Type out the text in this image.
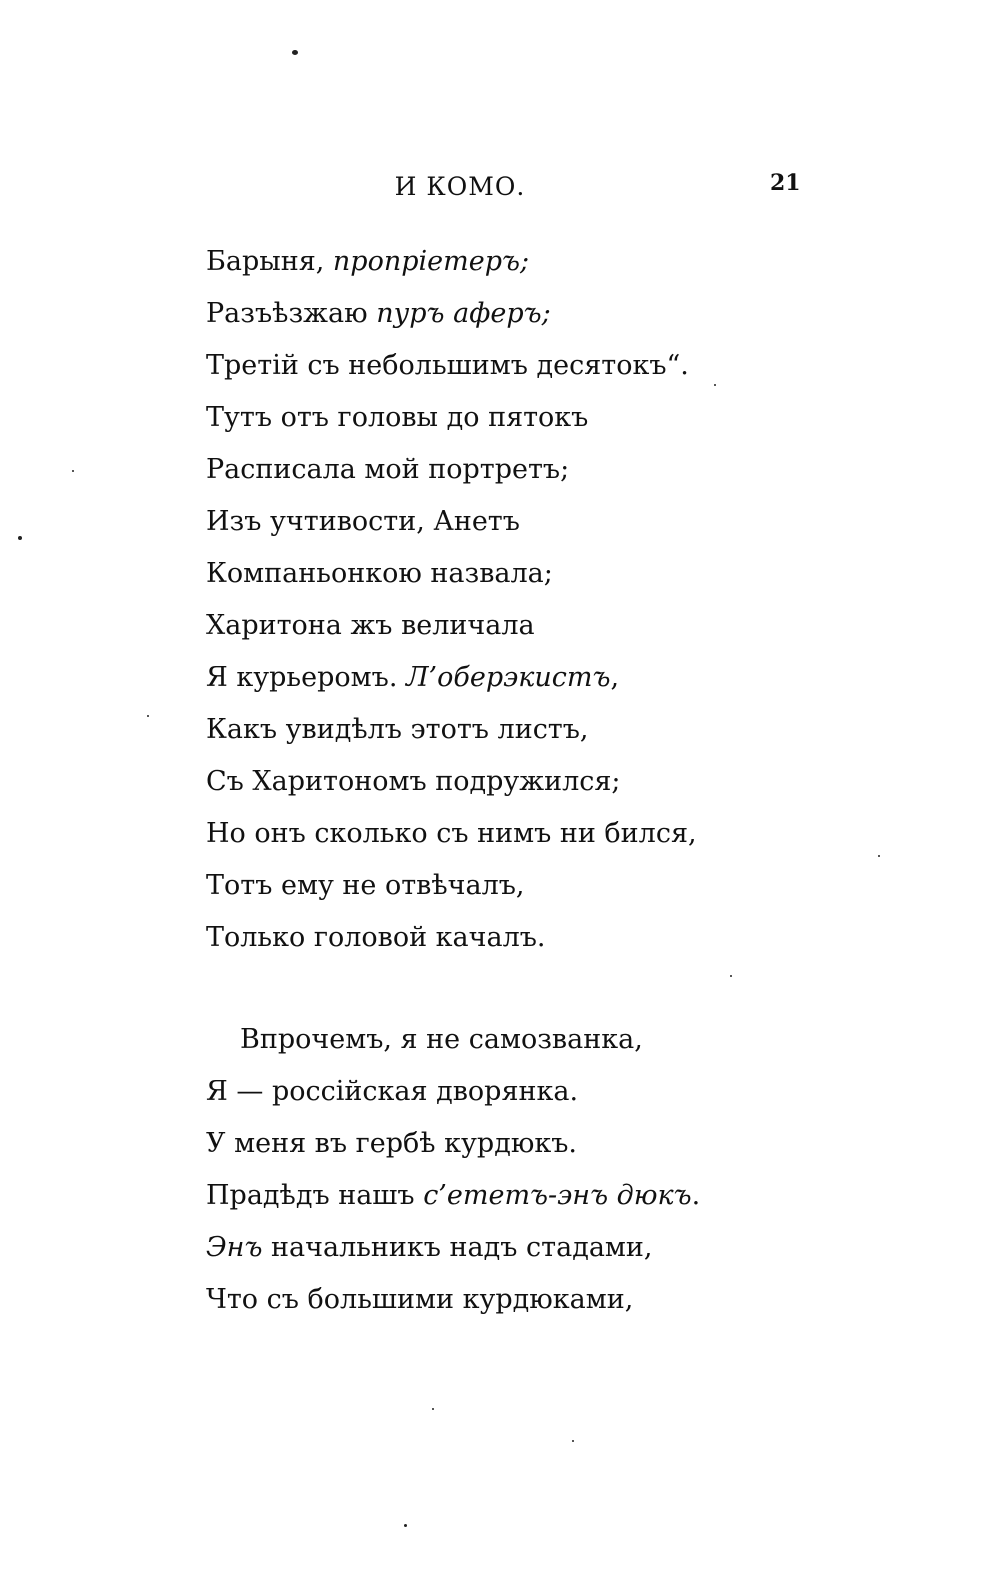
И КОМО.	21
Барыня, пропріетеръ;
Разъѣзжаю пуръ аферъ;
Третій съ небольшимъ десятокъ“.
Тутъ отъ головы до пятокъ
Расписала мой портретъ;
Изъ учтивости, Анетъ
Компаньонкою назвала;
Харитона жъ величала
Я курьеромъ. Л’оберэкистъ,
Какъ увидѣлъ этотъ листъ,
Съ Харитономъ подружился;
Но онъ сколько съ нимъ ни бился,
Тотъ ему не отвѣчалъ,
Только головой качалъ.
Впрочемъ, я не самозванка,
Я — россійская дворянка.
У меня въ гербѣ курдюкъ.
Прадѣдъ нашъ с’ететъ-энъ дюкъ.
Энъ начальникъ надъ стадами,
Что съ большими курдюками,
